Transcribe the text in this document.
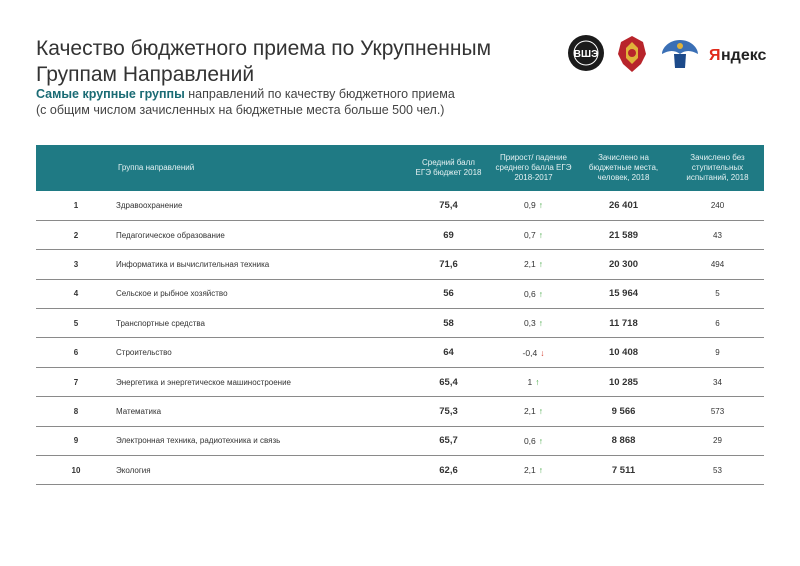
Качество бюджетного приема по Укрупненным Группам Направлений
ВШЭ	Я ндекс
Самые крупные группы направлений по качеству бюджетного приема
(с общим числом зачисленных на бюджетные места больше 500 чел.)
	Группа направлений	Средний балл ЕГЭ бюджет 2018	Прирост/ падение среднего балла ЕГЭ 2018-2017	Зачислено на бюджетные места, человек, 2018	Зачислено без ступительных испытаний, 2018
1	Здравоохранение	75,4	0,9 ↑	26 401	240
2	Педагогическое образование	69	0,7 ↑	21 589	43
3	Информатика и вычислительная техника	71,6	2,1 ↑	20 300	494
4	Сельское и рыбное хозяйство	56	0,6 ↑	15 964	5
5	Транспортные средства	58	0,3 ↑	11 718	6
6	Строительство	64	-0,4 ↓	10 408	9
7	Энергетика и энергетическое машиностроение	65,4	1 ↑	10 285	34
8	Математика	75,3	2,1 ↑	9 566	573
9	Электронная техника, радиотехника и связь	65,7	0,6 ↑	8 868	29
10	Экология	62,6	2,1 ↑	7 511	53
